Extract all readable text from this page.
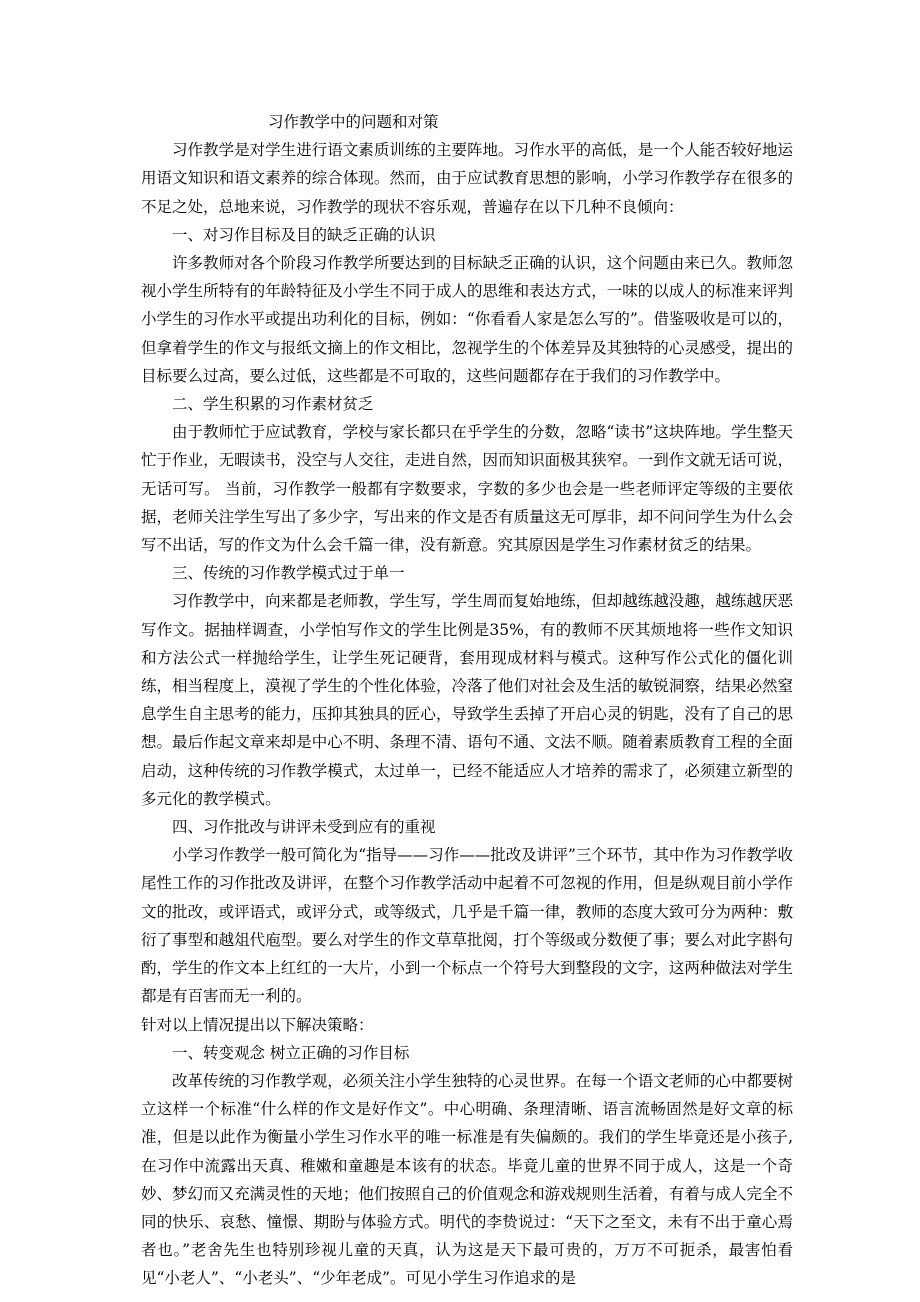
习作教学中的问题和对策

习作教学是对学生进行语文素质训练的主要阵地。习作水平的高低，是一个人能否较好地运用语文知识和语文素养的综合体现。然而，由于应试教育思想的影响，小学习作教学存在很多的不足之处，总地来说，习作教学的现状不容乐观，普遍存在以下几种不良倾向：

一、对习作目标及目的缺乏正确的认识

许多教师对各个阶段习作教学所要达到的目标缺乏正确的认识，这个问题由来已久。教师忽视小学生所特有的年龄特征及小学生不同于成人的思维和表达方式，一味的以成人的标准来评判小学生的习作水平或提出功利化的目标，例如：“你看看人家是怎么写的”。借鉴吸收是可以的，但拿着学生的作文与报纸文摘上的作文相比，忽视学生的个体差异及其独特的心灵感受，提出的目标要么过高，要么过低，这些都是不可取的，这些问题都存在于我们的习作教学中。

二、学生积累的习作素材贫乏

由于教师忙于应试教育，学校与家长都只在乎学生的分数，忽略“读书”这块阵地。学生整天忙于作业，无暇读书，没空与人交往，走进自然，因而知识面极其狭窄。一到作文就无话可说，无话可写。 当前，习作教学一般都有字数要求，字数的多少也会是一些老师评定等级的主要依据，老师关注学生写出了多少字，写出来的作文是否有质量这无可厚非，却不问问学生为什么会写不出话，写的作文为什么会千篇一律，没有新意。究其原因是学生习作素材贫乏的结果。

三、传统的习作教学模式过于单一

习作教学中，向来都是老师教，学生写，学生周而复始地练，但却越练越没趣，越练越厌恶写作文。据抽样调查，小学怕写作文的学生比例是35%，有的教师不厌其烦地将一些作文知识和方法公式一样抛给学生，让学生死记硬背，套用现成材料与模式。这种写作公式化的僵化训练，相当程度上，漠视了学生的个性化体验，冷落了他们对社会及生活的敏锐洞察，结果必然窒息学生自主思考的能力，压抑其独具的匠心，导致学生丢掉了开启心灵的钥匙，没有了自己的思想。最后作起文章来却是中心不明、条理不清、语句不通、文法不顺。随着素质教育工程的全面启动，这种传统的习作教学模式，太过单一，已经不能适应人才培养的需求了，必须建立新型的多元化的教学模式。

四、习作批改与讲评未受到应有的重视

小学习作教学一般可简化为“指导——习作——批改及讲评”三个环节，其中作为习作教学收尾性工作的习作批改及讲评，在整个习作教学活动中起着不可忽视的作用，但是纵观目前小学作文的批改，或评语式，或评分式，或等级式，几乎是千篇一律，教师的态度大致可分为两种：敷衍了事型和越俎代庖型。要么对学生的作文草草批阅，打个等级或分数便了事；要么对此字斟句酌，学生的作文本上红红的一大片，小到一个标点一个符号大到整段的文字，这两种做法对学生都是有百害而无一利的。

针对以上情况提出以下解决策略：

一、转变观念 树立正确的习作目标

改革传统的习作教学观，必须关注小学生独特的心灵世界。在每一个语文老师的心中都要树立这样一个标准“什么样的作文是好作文”。中心明确、条理清晰、语言流畅固然是好文章的标准，但是以此作为衡量小学生习作水平的唯一标准是有失偏颇的。我们的学生毕竟还是小孩子,在习作中流露出天真、稚嫩和童趣是本该有的状态。毕竟儿童的世界不同于成人，这是一个奇妙、梦幻而又充满灵性的天地；他们按照自己的价值观念和游戏规则生活着，有着与成人完全不同的快乐、哀愁、憧憬、期盼与体验方式。明代的李贽说过：“天下之至文，未有不出于童心焉者也。”老舍先生也特别珍视儿童的天真，认为这是天下最可贵的，万万不可扼杀，最害怕看见“小老人”、“小老头”、“少年老成”。可见小学生习作追求的是
